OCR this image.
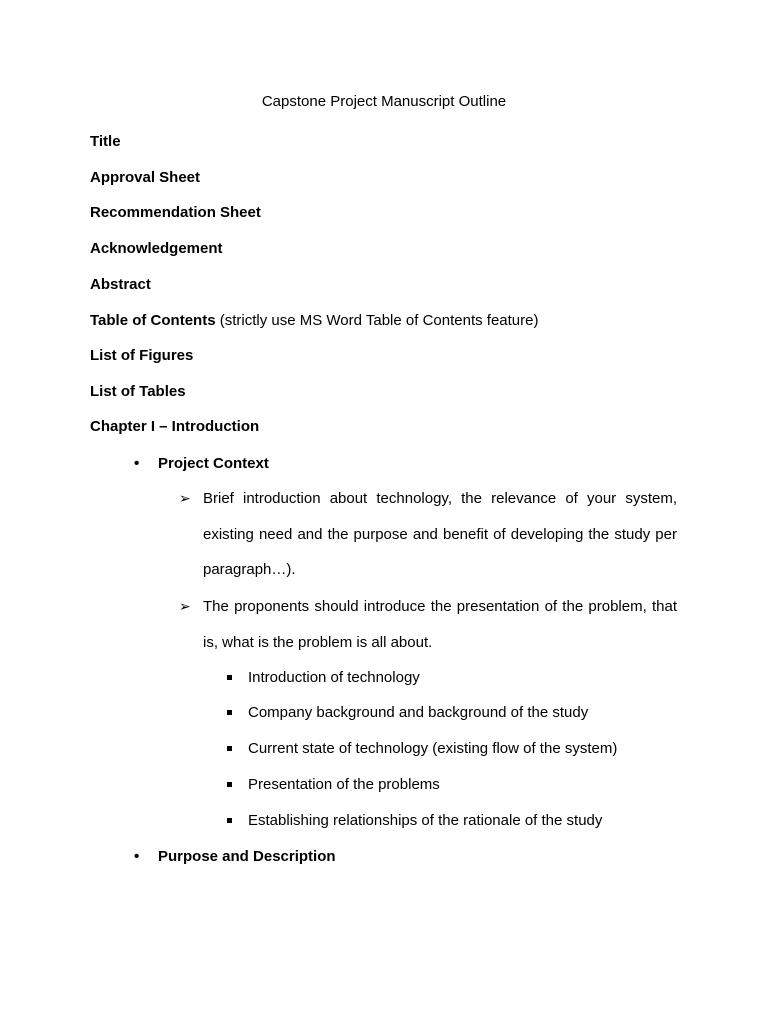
Capstone Project Manuscript Outline
Title
Approval Sheet
Recommendation Sheet
Acknowledgement
Abstract
Table of Contents (strictly use MS Word Table of Contents feature)
List of Figures
List of Tables
Chapter I – Introduction
• Project Context
➢ Brief introduction about technology, the relevance of your system, existing need and the purpose and benefit of developing the study per paragraph…).
➢ The proponents should introduce the presentation of the problem, that is, what is the problem is all about.
Introduction of technology
Company background and background of the study
Current state of technology (existing flow of the system)
Presentation of the problems
Establishing relationships of the rationale of the study
• Purpose and Description
